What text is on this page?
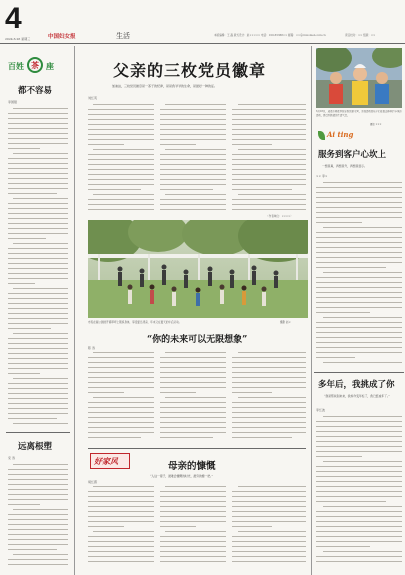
4
2024.6.26 星期三	中国妇女报	生活	本版编辑：王 磊 版式设计：赵××××× 电话：010-65368×× 邮箱：××@cnwomen.com.cn	责任校对：×× 组版：××
百姓 茶 座
都不容易
李国强
远离根塑
宋 涛
父亲的三枚党员徽章
加油站，三枚党员徽章是一茶子的纪律，是是我爷爷的生命，是最好一种的证。
刘红英
（作者单位：××××）
市民在湖公园的开阔草坪上锻炼身体，享受夏日清凉，年来又在夏天的午后运动。	摄影 赵×
“你的未来可以无限想象”
陈 涛
好家风	母亲的慷慨
“人这一辈子，最难会慷慨的时光，最穷的慷一把。”
胡红霞
6月18日，成都市郫都区张家院的夏令营，参加活动的孩子们在街边体验打卡城市活动，感受到浓郁的生活气息。
摄影 ×××
Ai ting
服务到客户心坎上
一想是真，再想是升，再想是显示。
×× 李×
多年后，我挑成了你
“我是帮扶别来来，我如今变年轻了，我已经成年了。”
李红波
